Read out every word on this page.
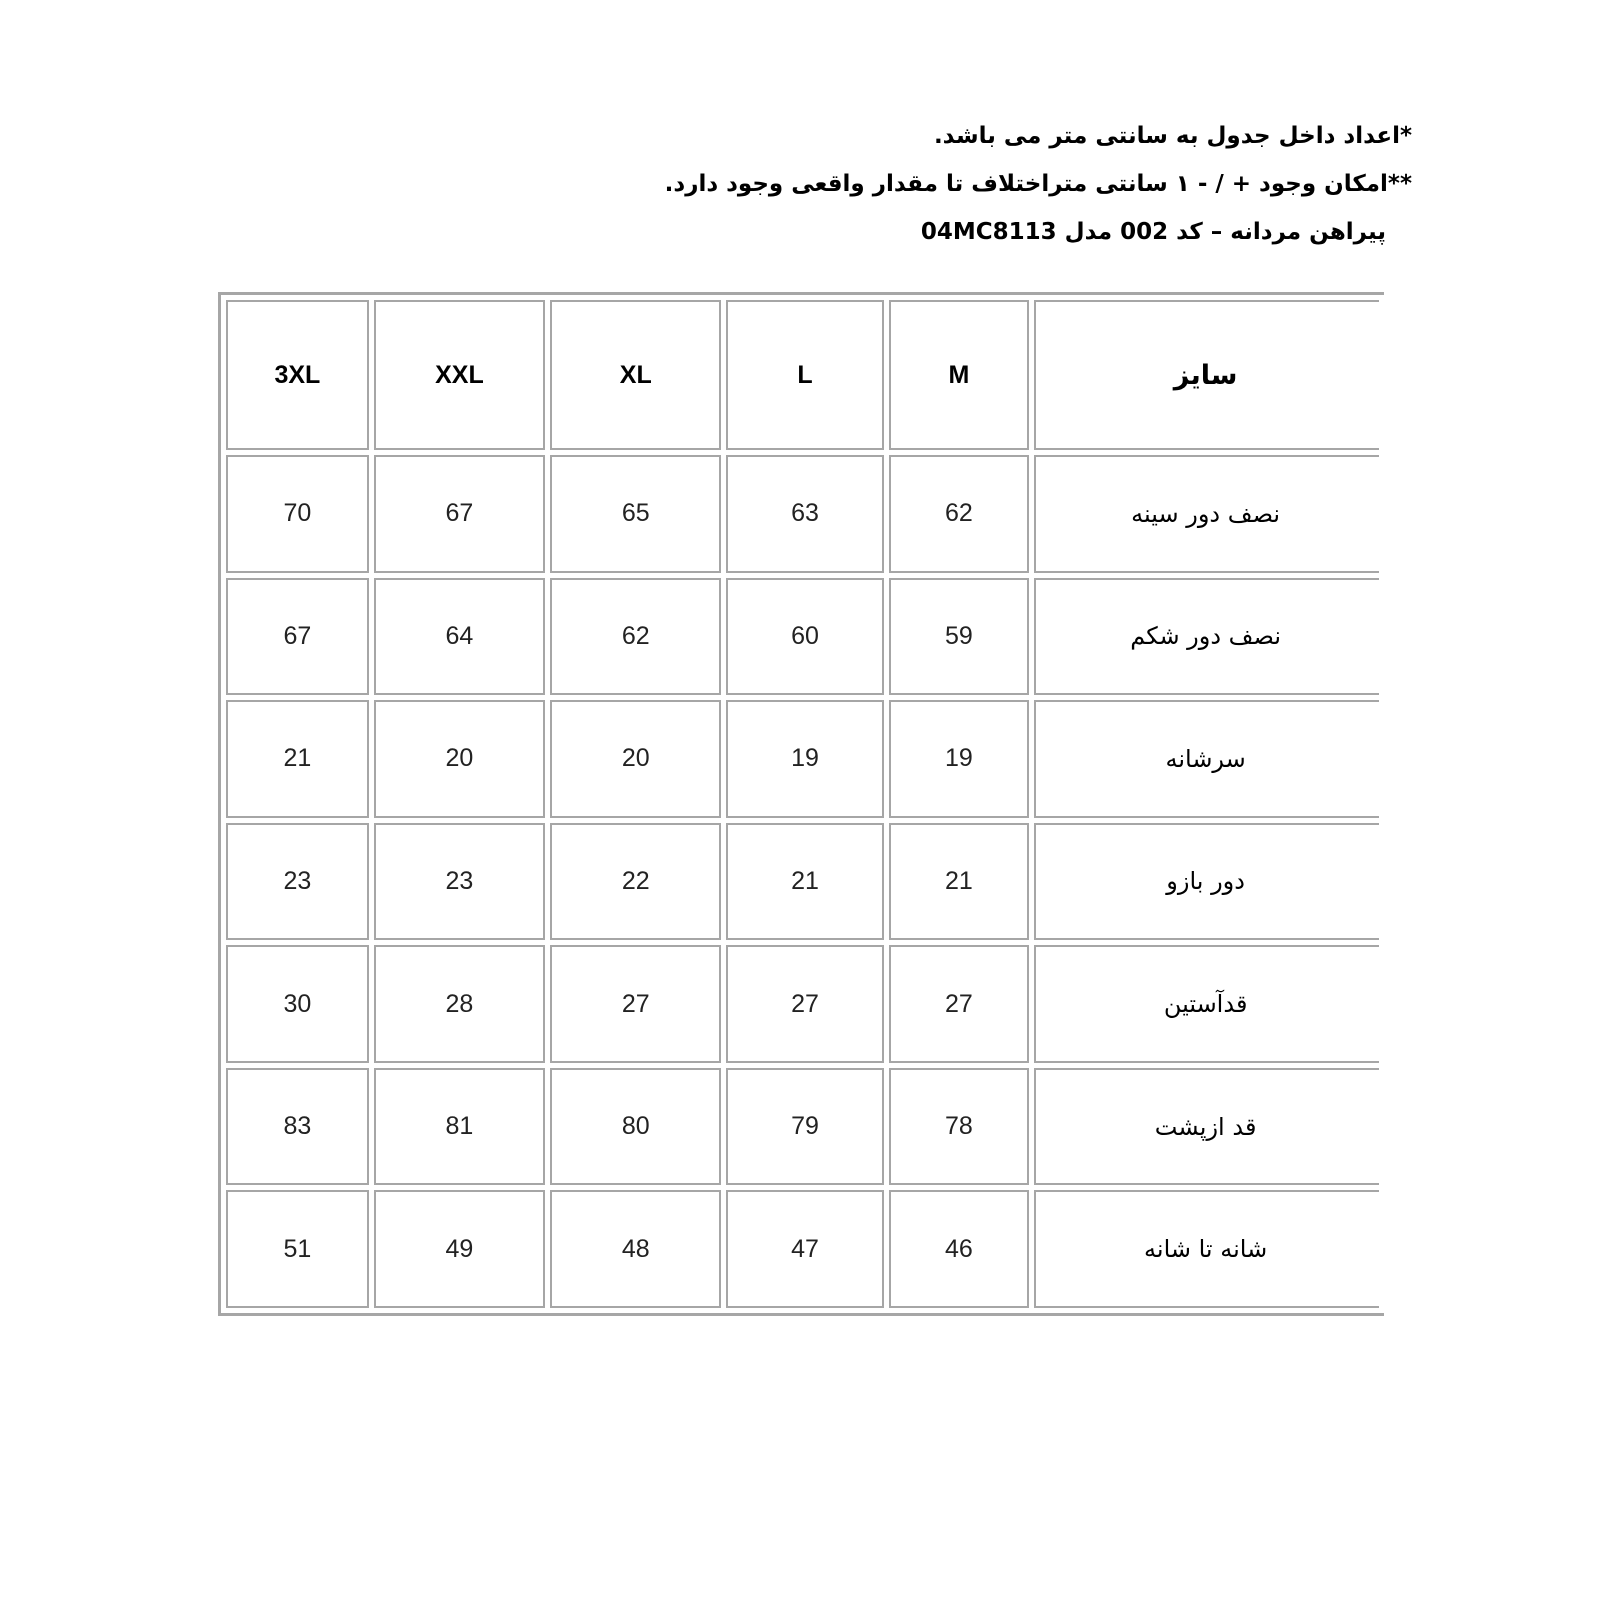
*اعداد داخل جدول به سانتی متر می باشد.
**امکان وجود + / - ۱ سانتی متراختلاف تا مقدار واقعی وجود دارد.
پیراهن مردانه – کد 002 مدل 04MC8113
3XL	XXL	XL	L	M	سایز
70	67	65	63	62	نصف دور سینه
67	64	62	60	59	نصف دور شکم
21	20	20	19	19	سرشانه
23	23	22	21	21	دور بازو
30	28	27	27	27	قدآستین
83	81	80	79	78	قد ازپشت
51	49	48	47	46	شانه تا شانه
